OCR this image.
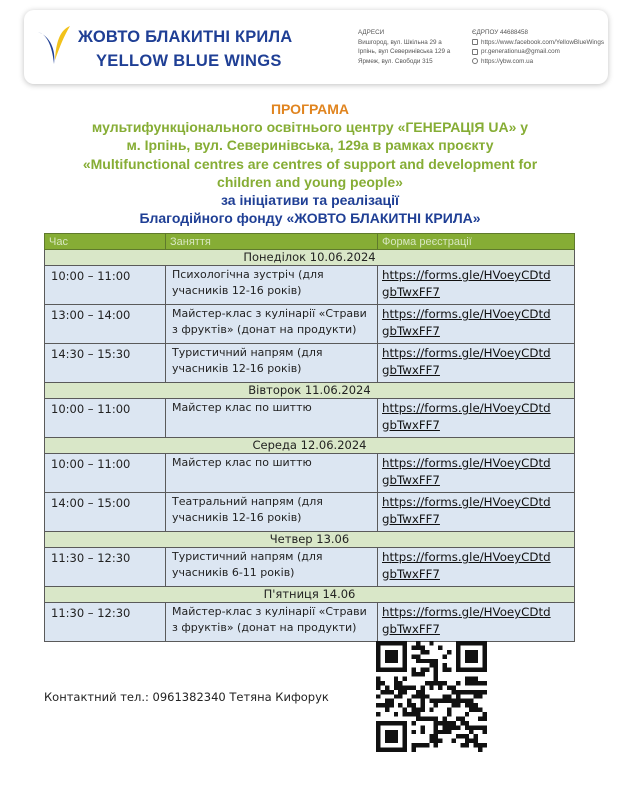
ЖОВТО БЛАКИТНІ КРИЛА
YELLOW BLUE WINGS
АДРЕСИ
Вишгород, вул. Шкільна 29 а
Ірпінь, вул Северинівська 129 а
Ярмеж, вул. Свободи 315
ЄДРПОУ 44688458
https://www.facebook.com/YellowBlueWings
pr.generationua@gmail.com
https://ybw.com.ua
ПРОГРАМА
мультифункціонального освітнього центру «ГЕНЕРАЦІЯ UA» у
м. Ірпінь, вул. Северинівська, 129а в рамках проєкту
«Multifunctional centres are centres of support and development for
children and young people»
за ініціативи та реалізації
Благодійного фонду «ЖОВТО БЛАКИТНІ КРИЛА»
Час	Заняття	Форма реєстрації
Понеділок 10.06.2024		
10:00 – 11:00	Психологічна зустріч (для учасників 12-16 років)	https://forms.gle/HVoeyCDtdgbTwxFF7

13:00 – 14:00	Майстер-клас з кулінарії «Страви з фруктів» (донат на продукти)	https://forms.gle/HVoeyCDtdgbTwxFF7

14:30 – 15:30	Туристичний напрям (для учасників 12-16 років)	https://forms.gle/HVoeyCDtdgbTwxFF7

Вівторок 11.06.2024		
10:00 – 11:00	Майстер клас по шиттю	https://forms.gle/HVoeyCDtdgbTwxFF7

Середа 12.06.2024		
10:00 – 11:00	Майстер клас по шиттю	https://forms.gle/HVoeyCDtdgbTwxFF7

14:00 – 15:00	Театральний напрям (для учасників 12-16 років)	https://forms.gle/HVoeyCDtdgbTwxFF7

Четвер 13.06		
11:30 – 12:30	Туристичний напрям (для учасників 6-11 років)	https://forms.gle/HVoeyCDtdgbTwxFF7

П'ятниця 14.06		
11:30 – 12:30	Майстер-клас з кулінарії «Страви з фруктів» (донат на продукти)	https://forms.gle/HVoeyCDtdgbTwxFF7
Контактний тел.: 0961382340 Тетяна Кифорук
